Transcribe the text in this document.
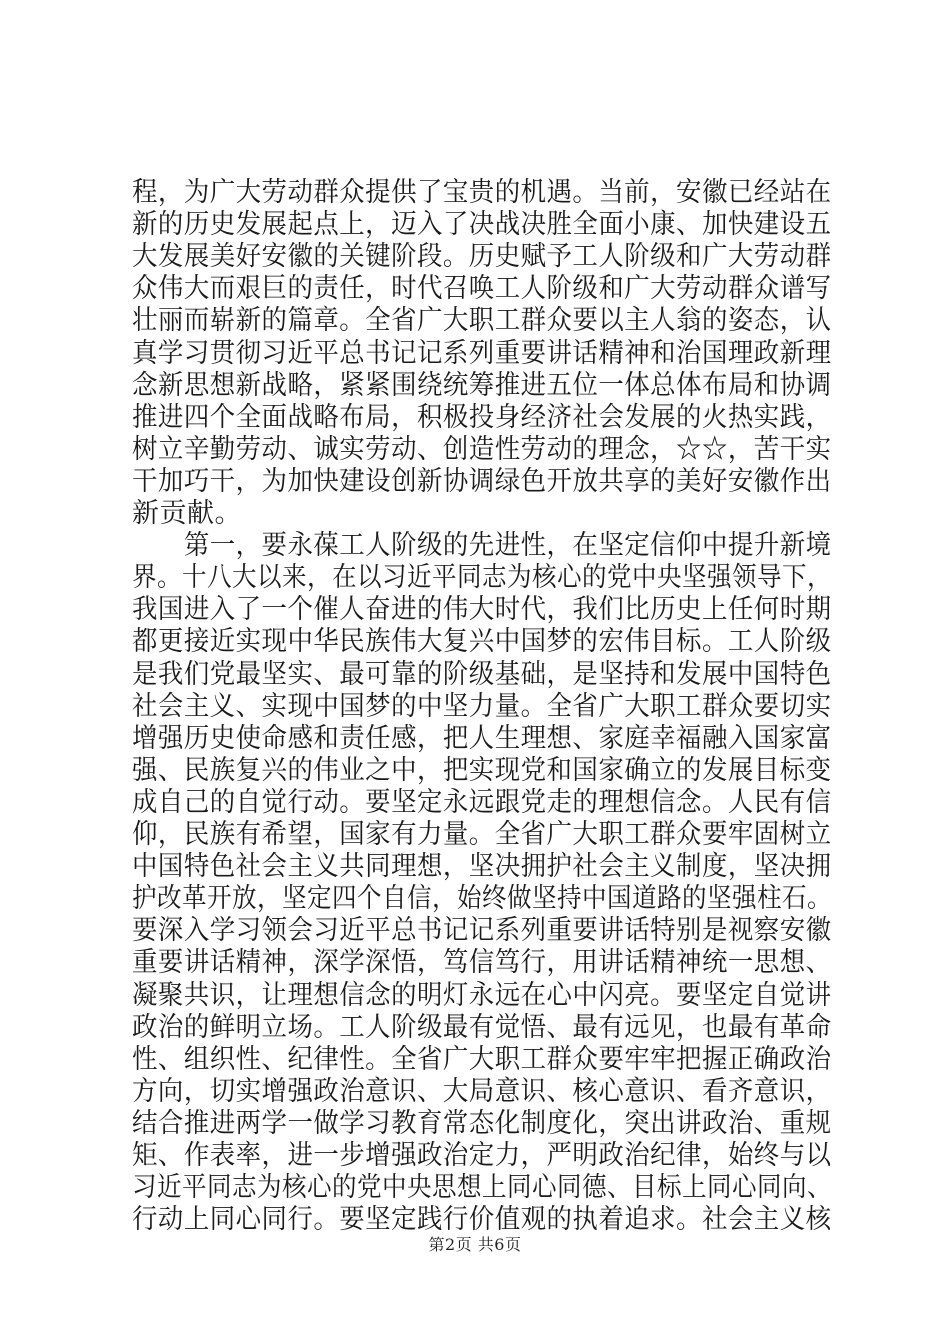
程，为广大劳动群众提供了宝贵的机遇。当前，安徽已经站在
新的历史发展起点上，迈入了决战决胜全面小康、加快建设五
大发展美好安徽的关键阶段。历史赋予工人阶级和广大劳动群
众伟大而艰巨的责任，时代召唤工人阶级和广大劳动群众谱写
壮丽而崭新的篇章。全省广大职工群众要以主人翁的姿态，认
真学习贯彻习近平总书记记系列重要讲话精神和治国理政新理
念新思想新战略，紧紧围绕统筹推进五位一体总体布局和协调
推进四个全面战略布局，积极投身经济社会发展的火热实践，
树立辛勤劳动、诚实劳动、创造性劳动的理念，☆☆，苦干实
干加巧干，为加快建设创新协调绿色开放共享的美好安徽作出
新贡献。
　　第一，要永葆工人阶级的先进性，在坚定信仰中提升新境
界。十八大以来，在以习近平同志为核心的党中央坚强领导下，
我国进入了一个催人奋进的伟大时代，我们比历史上任何时期
都更接近实现中华民族伟大复兴中国梦的宏伟目标。工人阶级
是我们党最坚实、最可靠的阶级基础，是坚持和发展中国特色
社会主义、实现中国梦的中坚力量。全省广大职工群众要切实
增强历史使命感和责任感，把人生理想、家庭幸福融入国家富
强、民族复兴的伟业之中，把实现党和国家确立的发展目标变
成自己的自觉行动。要坚定永远跟党走的理想信念。人民有信
仰，民族有希望，国家有力量。全省广大职工群众要牢固树立
中国特色社会主义共同理想，坚决拥护社会主义制度，坚决拥
护改革开放，坚定四个自信，始终做坚持中国道路的坚强柱石。
要深入学习领会习近平总书记记系列重要讲话特别是视察安徽
重要讲话精神，深学深悟，笃信笃行，用讲话精神统一思想、
凝聚共识，让理想信念的明灯永远在心中闪亮。要坚定自觉讲
政治的鲜明立场。工人阶级最有觉悟、最有远见，也最有革命
性、组织性、纪律性。全省广大职工群众要牢牢把握正确政治
方向，切实增强政治意识、大局意识、核心意识、看齐意识，
结合推进两学一做学习教育常态化制度化，突出讲政治、重规
矩、作表率，进一步增强政治定力，严明政治纪律，始终与以
习近平同志为核心的党中央思想上同心同德、目标上同心同向、
行动上同心同行。要坚定践行价值观的执着追求。社会主义核
第2页 共6页
